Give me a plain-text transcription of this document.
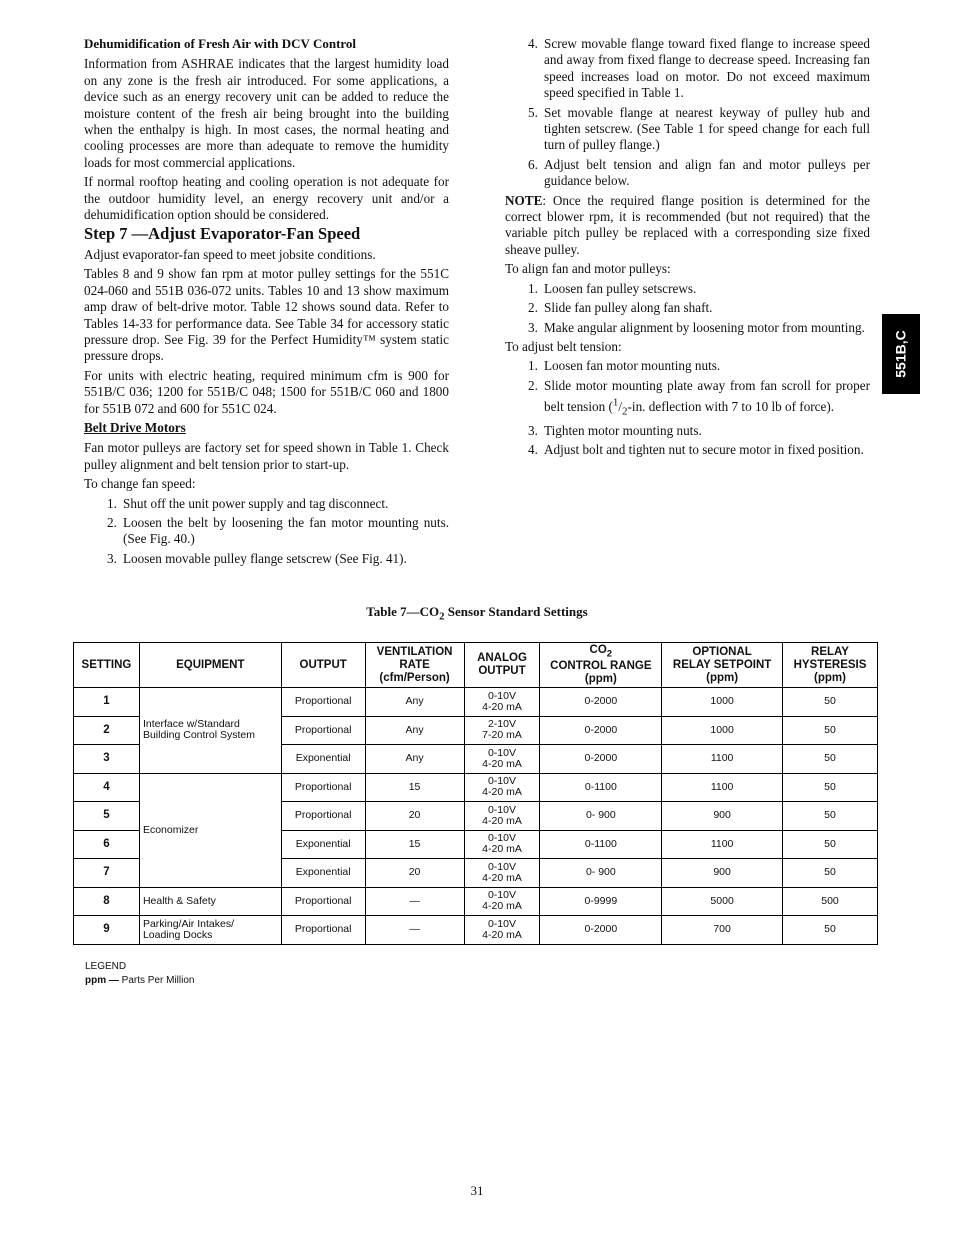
Dehumidification of Fresh Air with DCV Control

Information from ASHRAE indicates that the largest humidity load on any zone is the fresh air introduced. For some applications, a device such as an energy recovery unit can be added to reduce the moisture content of the fresh air being brought into the building when the enthalpy is high. In most cases, the normal heating and cooling processes are more than adequate to remove the humidity loads for most commercial applications.

If normal rooftop heating and cooling operation is not adequate for the outdoor humidity level, an energy recovery unit and/or a dehumidification option should be considered.

Step 7 —Adjust Evaporator-Fan Speed

Adjust evaporator-fan speed to meet jobsite conditions.

Tables 8 and 9 show fan rpm at motor pulley settings for the 551C 024-060 and 551B 036-072 units. Tables 10 and 13 show maximum amp draw of belt-drive motor. Table 12 shows sound data. Refer to Tables 14-33 for performance data. See Table 34 for accessory static pressure drop. See Fig. 39 for the Perfect Humidity™ system static pressure drops.

For units with electric heating, required minimum cfm is 900 for 551B/C 036; 1200 for 551B/C 048; 1500 for 551B/C 060 and 1800 for 551B 072 and 600 for 551C 024.

Belt Drive Motors

Fan motor pulleys are factory set for speed shown in Table 1. Check pulley alignment and belt tension prior to start-up.

To change fan speed:

1. Shut off the unit power supply and tag disconnect.
2. Loosen the belt by loosening the fan motor mounting nuts. (See Fig. 40.)
3. Loosen movable pulley flange setscrew (See Fig. 41).
4. Screw movable flange toward fixed flange to increase speed and away from fixed flange to decrease speed. Increasing fan speed increases load on motor. Do not exceed maximum speed specified in Table 1.
5. Set movable flange at nearest keyway of pulley hub and tighten setscrew. (See Table 1 for speed change for each full turn of pulley flange.)
6. Adjust belt tension and align fan and motor pulleys per guidance below.

NOTE: Once the required flange position is determined for the correct blower rpm, it is recommended (but not required) that the variable pitch pulley be replaced with a corresponding size fixed sheave pulley.

To align fan and motor pulleys:

1. Loosen fan pulley setscrews.
2. Slide fan pulley along fan shaft.
3. Make angular alignment by loosening motor from mounting.

To adjust belt tension:

1. Loosen fan motor mounting nuts.
2. Slide motor mounting plate away from fan scroll for proper belt tension ($^1/_2-in$. deflection with 7 to 10 lb of force).
3. Tighten motor mounting nuts.
4. Adjust bolt and tighten nut to secure motor in fixed position.
551B,C
Table $7—CO_2$ Sensor Standard Settings
SETTING	EQUIPMENT	OUTPUT	VENTILATION
RATE
(cfm/Person)	ANALOG
OUTPUT	$CO_2$
CONTROL RANGE
(ppm)	OPTIONAL
RELAY SETPOINT
(ppm)	RELAY
HYSTERESIS
(ppm)
1	Interface w/Standard
Building Control System	Proportional	Any	0-10V
4-20 mA	0-2000	1000	50
2		Proportional	Any	2-10V
7-20 mA	0-2000	1000	50
3		Exponential	Any	0-10V
4-20 mA	0-2000	1100	50
4	Economizer	Proportional	15	0-10V
4-20 mA	0-1100	1100	50
5		Proportional	20	0-10V
4-20 mA	0- 900	900	50
6		Exponential	15	0-10V
4-20 mA	0-1100	1100	50
7		Exponential	20	0-10V
4-20 mA	0- 900	900	50
8	Health & Safety	Proportional	—	0-10V
4-20 mA	0-9999	5000	500
9	Parking/Air Intakes/
Loading Docks	Proportional	—	0-10V
4-20 mA	0-2000	700	50
LEGEND
ppm — Parts Per Million
31
